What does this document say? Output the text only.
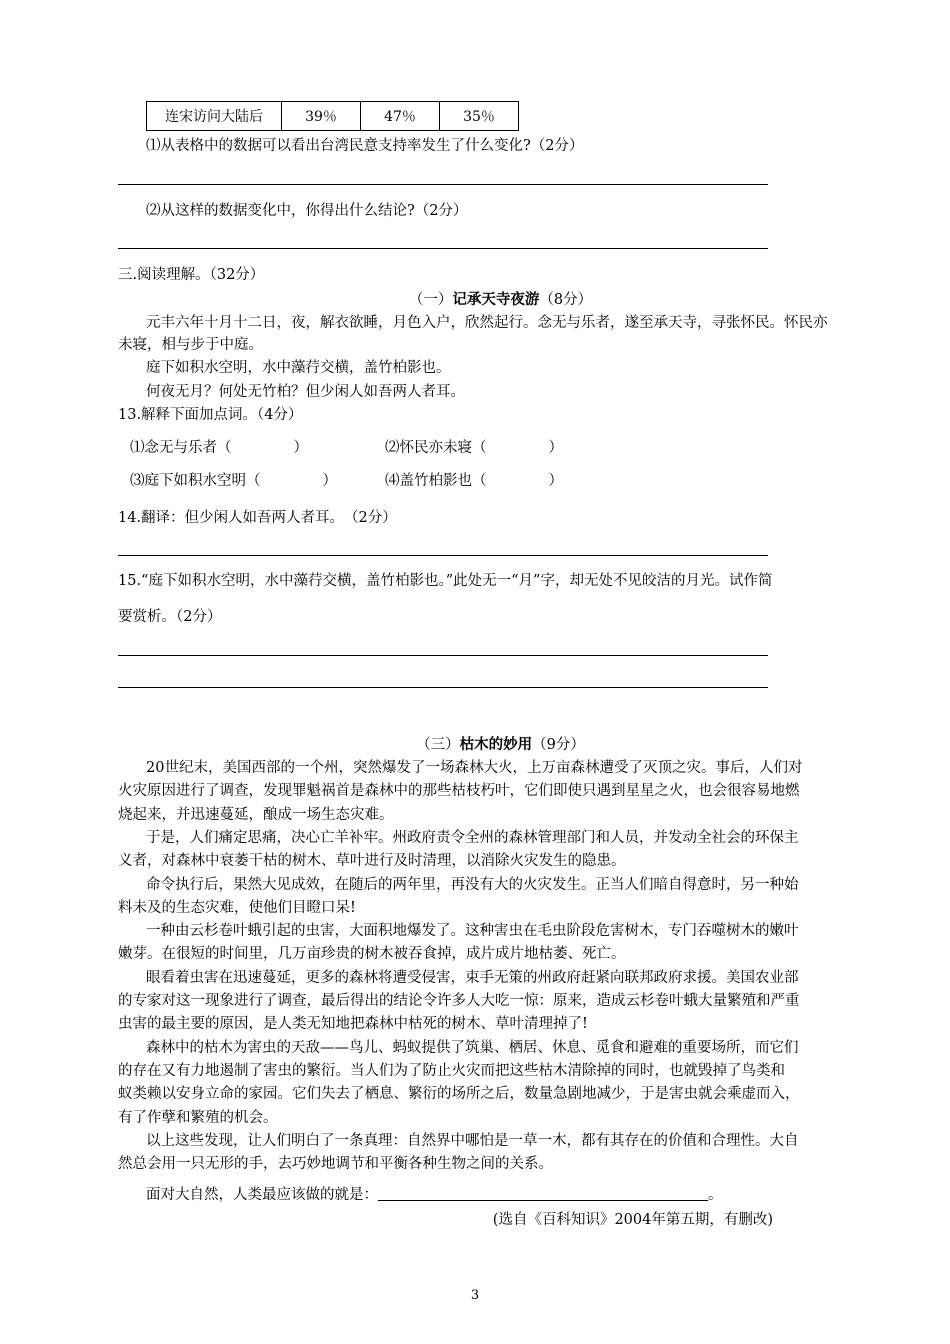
连宋访问大陆后	39％	47％	35％
⑴从表格中的数据可以看出台湾民意支持率发生了什么变化?（2分）
⑵从这样的数据变化中，你得出什么结论?（2分）
三.阅读理解。（32分）
（一）记承天寺夜游（8分）
元丰六年十月十二日，夜，解衣欲睡，月色入户，欣然起行。念无与乐者，遂至承天寺，寻张怀民。怀民亦
未寝，相与步于中庭。
庭下如积水空明，水中藻荇交横，盖竹柏影也。
何夜无月？何处无竹柏？但少闲人如吾两人者耳。
13.解释下面加点词。（4分）
⑴念无与乐者（	）	⑵怀民亦未寝（	）
⑶庭下如积水空明（	）	⑷盖竹柏影也（	）
14.翻译：但少闲人如吾两人者耳。　（2分）
15.“庭下如积水空明，水中藻荇交横，盖竹柏影也。”此处无一“月”字，却无处不见皎洁的月光。试作简
要赏析。（2分）
（三）枯木的妙用（9分）
20世纪末，美国西部的一个州，突然爆发了一场森林大火，上万亩森林遭受了灭顶之灾。事后，人们对
火灾原因进行了调查，发现罪魁祸首是森林中的那些枯枝朽叶，它们即使只遇到星星之火，也会很容易地燃
烧起来，并迅速蔓延，酿成一场生态灾难。
于是，人们痛定思痛，决心亡羊补牢。州政府责令全州的森林管理部门和人员，并发动全社会的环保主
义者，对森林中衰萎干枯的树木、草叶进行及时清理，以消除火灾发生的隐患。
命令执行后，果然大见成效，在随后的两年里，再没有大的火灾发生。正当人们暗自得意时，另一种始
料未及的生态灾难，使他们目瞪口呆!
一种由云杉卷叶蛾引起的虫害，大面积地爆发了。这种害虫在毛虫阶段危害树木，专门吞噬树木的嫩叶
嫩芽。在很短的时间里，几万亩珍贵的树木被吞食掉，成片成片地枯萎、死亡。
眼看着虫害在迅速蔓延，更多的森林将遭受侵害，束手无策的州政府赶紧向联邦政府求援。美国农业部
的专家对这一现象进行了调查，最后得出的结论令许多人大吃一惊：原来，造成云杉卷叶蛾大量繁殖和严重
虫害的最主要的原因，是人类无知地把森林中枯死的树木、草叶清理掉了!
森林中的枯木为害虫的天敌——鸟儿、蚂蚁提供了筑巢、栖居、休息、觅食和避难的重要场所，而它们
的存在又有力地遏制了害虫的繁衍。当人们为了防止火灾而把这些枯木清除掉的同时，也就毁掉了鸟类和
蚁类赖以安身立命的家园。它们失去了栖息、繁衍的场所之后，数量急剧地减少，于是害虫就会乘虚而入，
有了作孽和繁殖的机会。
以上这些发现，让人们明白了一条真理：自然界中哪怕是一草一木，都有其存在的价值和合理性。大自
然总会用一只无形的手，去巧妙地调节和平衡各种生物之间的关系。
面对大自然，人类最应该做的就是：	。
(选自《百科知识》2004年第五期，有删改)
3
